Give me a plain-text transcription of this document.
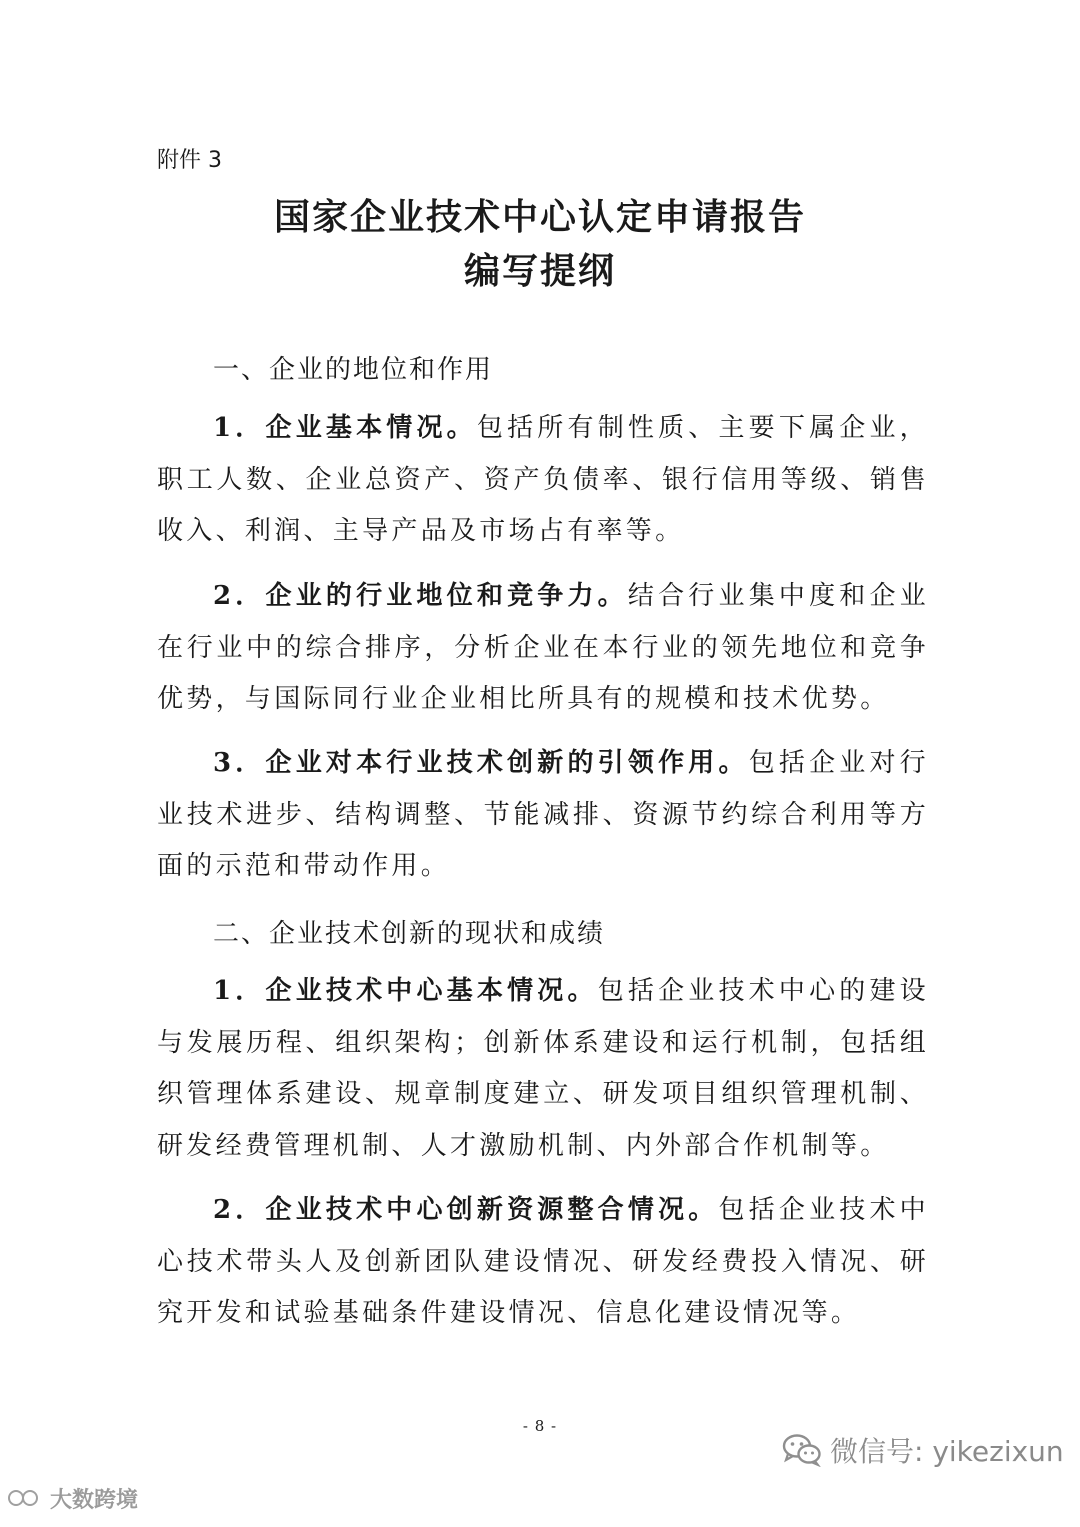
附件 3
国家企业技术中心认定申请报告
编写提纲
一、企业的地位和作用

1．企业基本情况。包括所有制性质、主要下属企业，职工人数、企业总资产、资产负债率、银行信用等级、销售收入、利润、主导产品及市场占有率等。

2．企业的行业地位和竞争力。结合行业集中度和企业在行业中的综合排序，分析企业在本行业的领先地位和竞争优势，与国际同行业企业相比所具有的规模和技术优势。

3．企业对本行业技术创新的引领作用。包括企业对行业技术进步、结构调整、节能减排、资源节约综合利用等方面的示范和带动作用。

二、企业技术创新的现状和成绩

1．企业技术中心基本情况。包括企业技术中心的建设与发展历程、组织架构；创新体系建设和运行机制，包括组织管理体系建设、规章制度建立、研发项目组织管理机制、研发经费管理机制、人才激励机制、内外部合作机制等。

2．企业技术中心创新资源整合情况。包括企业技术中心技术带头人及创新团队建设情况、研发经费投入情况、研究开发和试验基础条件建设情况、信息化建设情况等。

- 8 -
微信号: yikezixun
大数跨境
